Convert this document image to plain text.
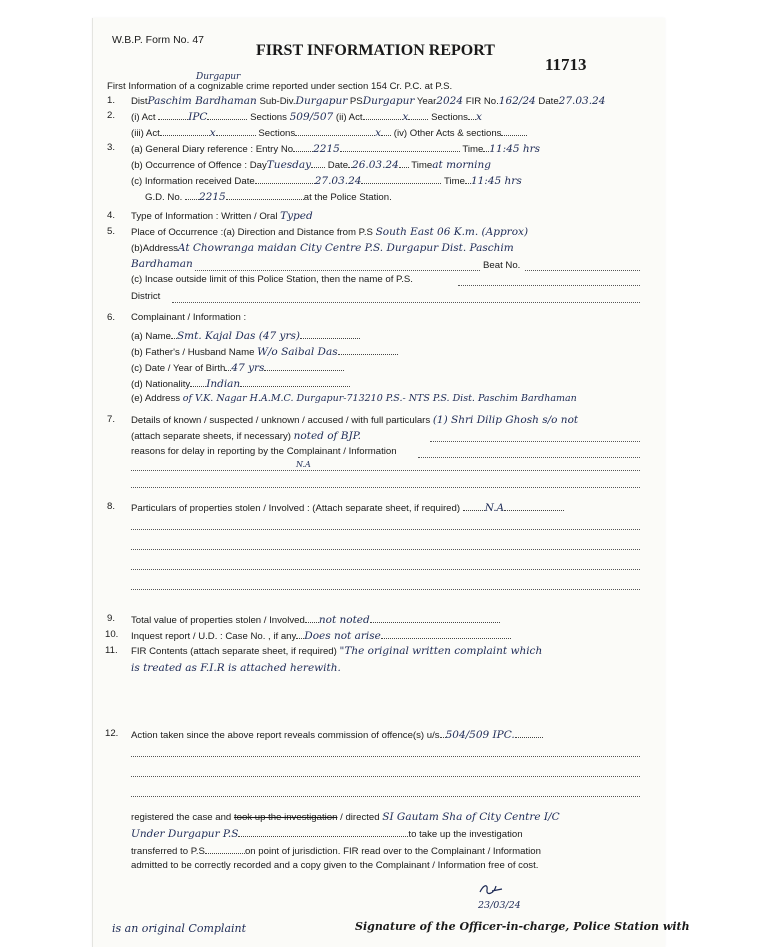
W.B.P. Form No. 47
FIRST INFORMATION REPORT
11713
Durgapur
First Information of a cognizable crime reported under section 154 Cr. P.C. at P.S.
1. DistPaschim Bardhaman Sub-Div.Durgapur PSDurgapur Year2024 FIR No.162/24 Date27.03.24
2. (i) Act	IPC	Sections 509/507 (ii) Act	x Sections x
(iii) Act	x	Sections	x (iv) Other Acts & sections
3. (a) General Diary reference : Entry No 2215	Time 11:45 hrs
(b) Occurrence of Offence : DayTuesday Date 26.03.24 Timeat morning
(c) Information received Date	27.03.24	Time 11:45 hrs
G.D. No. 2215	at the Police Station.
4. Type of Information : Written / Oral Typed
5. Place of Occurrence :(a) Direction and Distance from P.S South East 06 K.m. (Approx)
(b)AddressAt Chowranga maidan City Centre P.S. Durgapur Dist. Paschim
Bardhaman	Beat No.
(c) Incase outside limit of this Police Station, then the name of P.S.
District
6. Complainant / Information :
(a) Name Smt. Kajal Das (47 yrs)
(b) Father's / Husband Name W/o Saibal Das
(c) Date / Year of Birth 47 yrs
(d) Nationality Indian
(e) Address of V.K. Nagar H.A.M.C. Durgapur-713210 P.S.- NTS P.S. Dist. Paschim Bardhaman
7. Details of known / suspected / unknown / accused / with full particulars (1) Shri Dilip Ghosh s/o not
(attach separate sheets, if necessary) noted of BJP.
reasons for delay in reporting by the Complainant / Information
N.A
8. Particulars of properties stolen / Involved : (Attach separate sheet, if required) N.A
9. Total value of properties stolen / Involved not noted
10. Inquest report / U.D. : Case No. , if any Does not arise
11. FIR Contents (attach separate sheet, if required) "The original written complaint which
is treated as F.I.R is attached herewith.
12. Action taken since the above report reveals commission of offence(s) u/s 504/509 IPC.
registered the case and took up the investigation / directed SI Gautam Sha of City Centre I/C
Under Durgapur P.S	to take up the investigation
transferred to P.S	on point of jurisdiction. FIR read over to the Complainant / Information
admitted to be correctly recorded and a copy given to the Complainant / Information free of cost.
23/03/24
is an original Complaint	Signature of the Officer-in-charge, Police Station with
